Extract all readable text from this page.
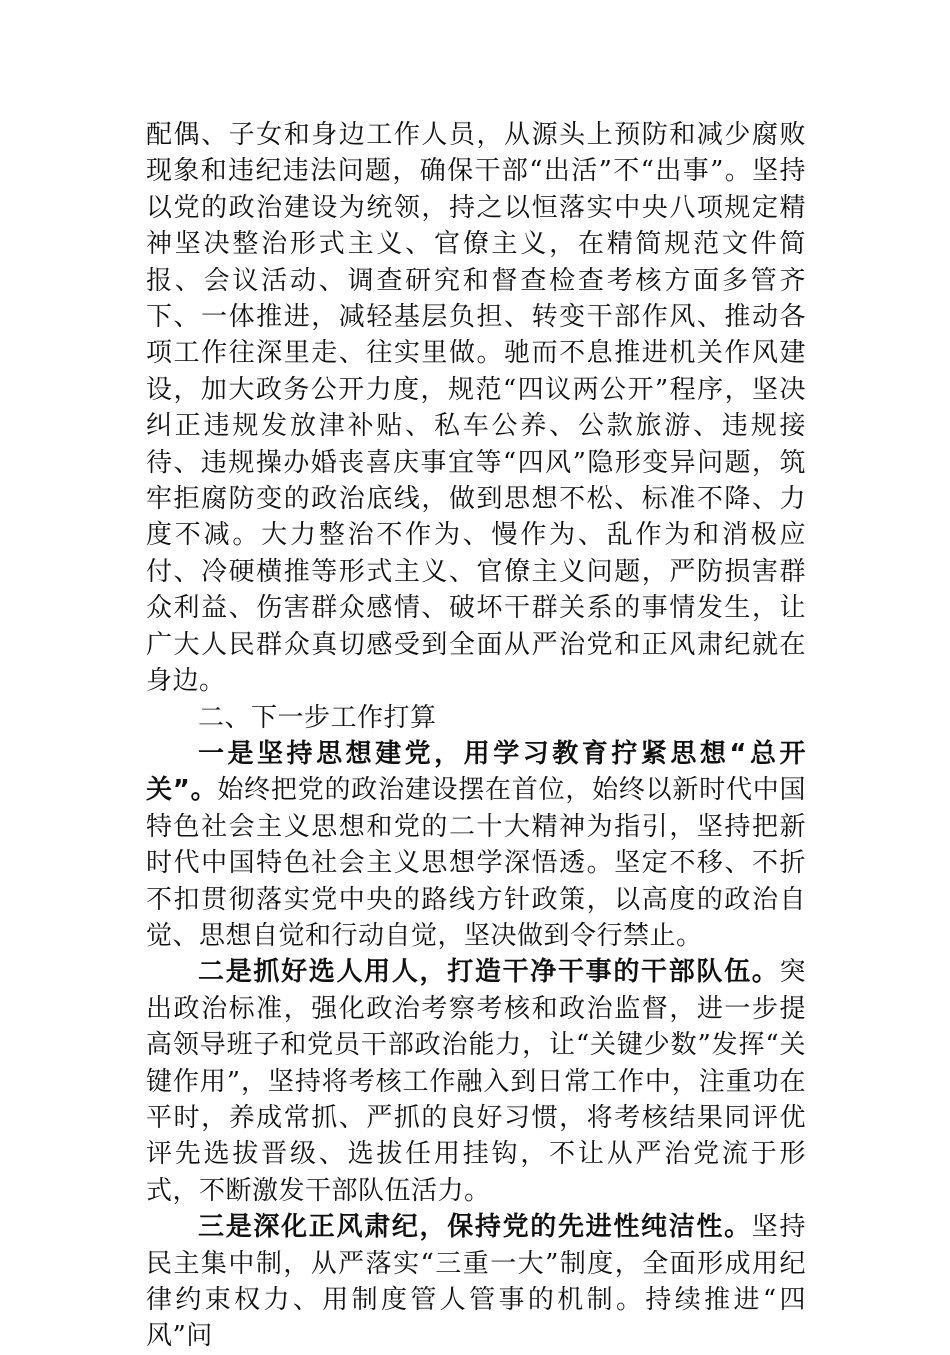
配偶、子女和身边工作人员，从源头上预防和减少腐败现象和违纪违法问题，确保干部“出活”不“出事”。坚持以党的政治建设为统领，持之以恒落实中央八项规定精神坚决整治形式主义、官僚主义，在精简规范文件简报、会议活动、调查研究和督查检查考核方面多管齐下、一体推进，减轻基层负担、转变干部作风、推动各项工作往深里走、往实里做。驰而不息推进机关作风建设，加大政务公开力度，规范“四议两公开”程序，坚决纠正违规发放津补贴、私车公养、公款旅游、违规接待、违规操办婚丧喜庆事宜等“四风”隐形变异问题，筑牢拒腐防变的政治底线，做到思想不松、标准不降、力度不减。大力整治不作为、慢作为、乱作为和消极应付、冷硬横推等形式主义、官僚主义问题，严防损害群众利益、伤害群众感情、破坏干群关系的事情发生，让广大人民群众真切感受到全面从严治党和正风肃纪就在身边。

二、下一步工作打算

一是坚持思想建党，用学习教育拧紧思想“总开关”。始终把党的政治建设摆在首位，始终以新时代中国特色社会主义思想和党的二十大精神为指引，坚持把新时代中国特色社会主义思想学深悟透。坚定不移、不折不扣贯彻落实党中央的路线方针政策，以高度的政治自觉、思想自觉和行动自觉，坚决做到令行禁止。

二是抓好选人用人，打造干净干事的干部队伍。突出政治标准，强化政治考察考核和政治监督，进一步提高领导班子和党员干部政治能力，让“关键少数”发挥“关键作用”，坚持将考核工作融入到日常工作中，注重功在平时，养成常抓、严抓的良好习惯，将考核结果同评优评先选拔晋级、选拔任用挂钩，不让从严治党流于形式，不断激发干部队伍活力。

三是深化正风肃纪，保持党的先进性纯洁性。坚持民主集中制，从严落实“三重一大”制度，全面形成用纪律约束权力、用制度管人管事的机制。持续推进“四风”问
